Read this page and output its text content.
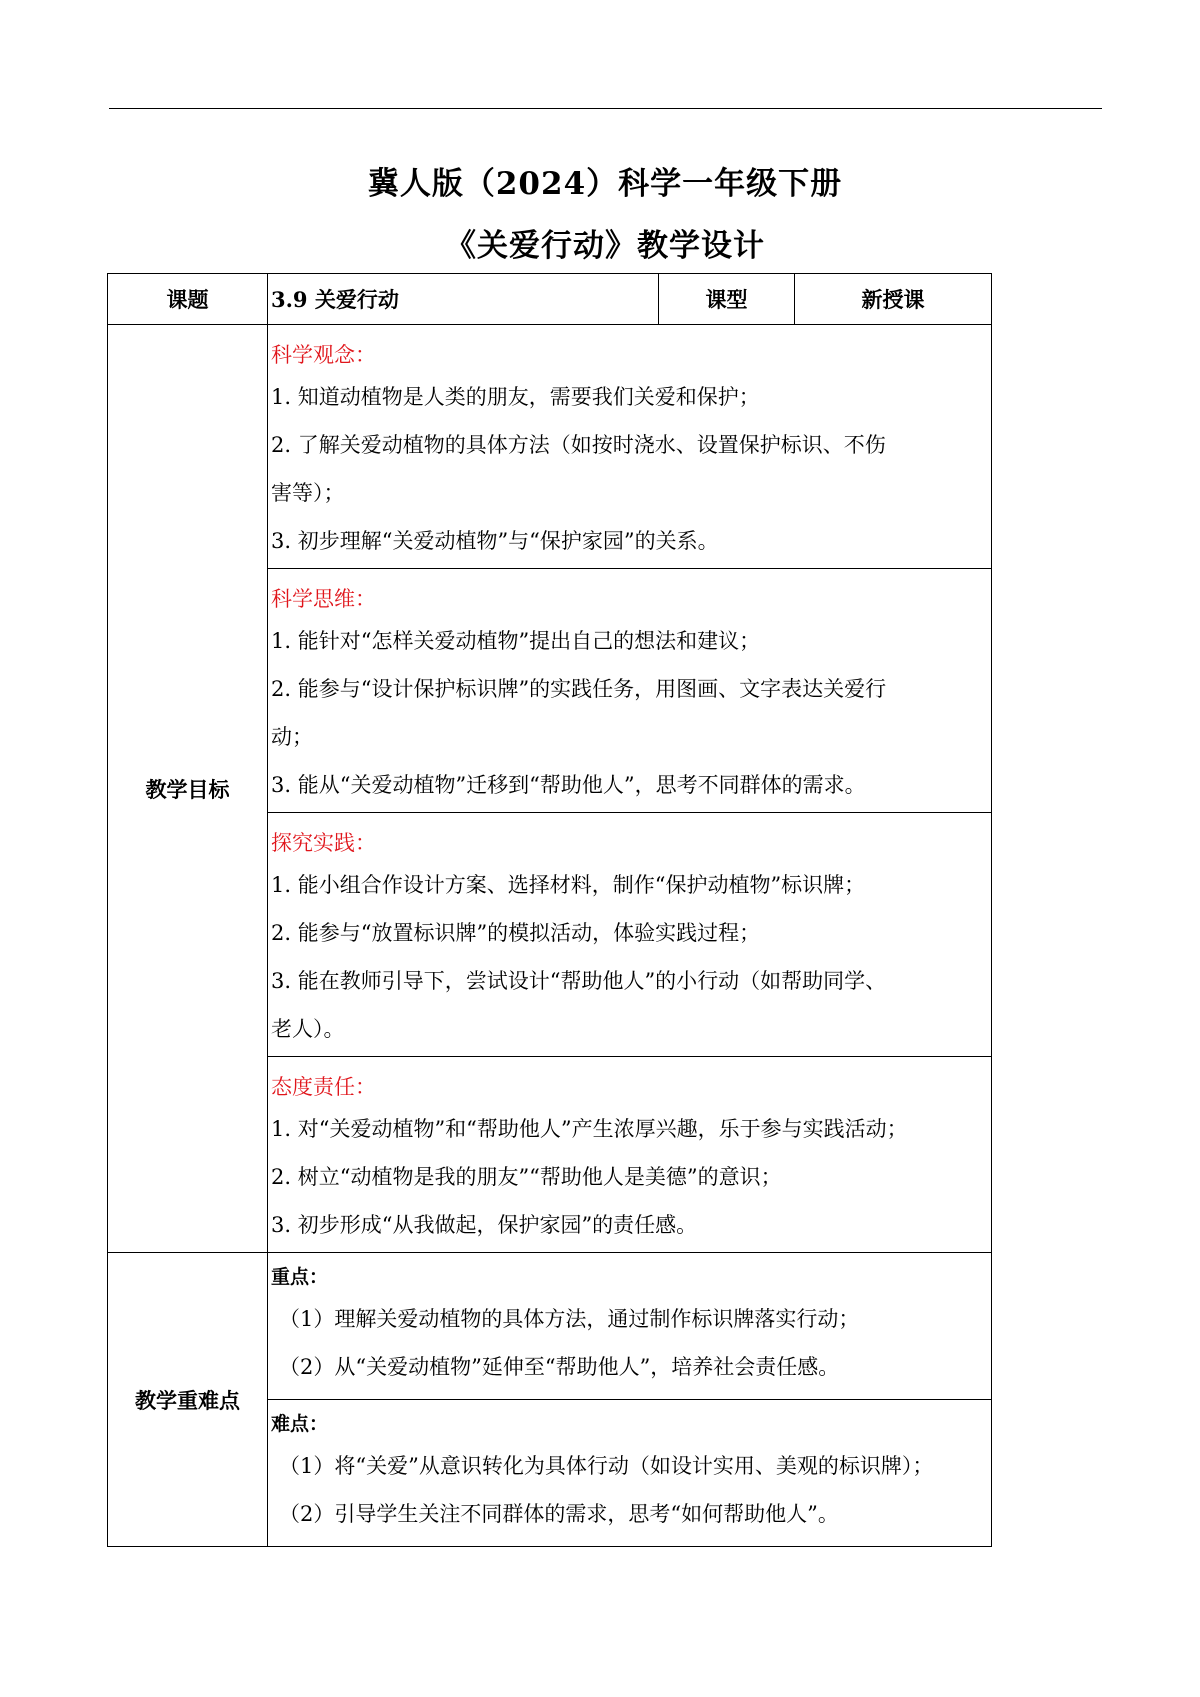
冀人版（2024）科学一年级下册
《关爱行动》教学设计
课题	3.9 关爱行动	课型	新授课
教学目标	科学观念：
1. 知道动植物是人类的朋友，需要我们关爱和保护；
2. 了解关爱动植物的具体方法（如按时浇水、设置保护标识、不伤
害等）；
3. 初步理解“关爱动植物”与“保护家园”的关系。		

	科学思维：
1. 能针对“怎样关爱动植物”提出自己的想法和建议；
2. 能参与“设计保护标识牌”的实践任务，用图画、文字表达关爱行
动；
3. 能从“关爱动植物”迁移到“帮助他人”，思考不同群体的需求。		

	探究实践：
1. 能小组合作设计方案、选择材料，制作“保护动植物”标识牌；
2. 能参与“放置标识牌”的模拟活动，体验实践过程；
3. 能在教师引导下，尝试设计“帮助他人”的小行动（如帮助同学、
老人）。		

	态度责任：
1. 对“关爱动植物”和“帮助他人”产生浓厚兴趣，乐于参与实践活动；
2. 树立“动植物是我的朋友”“帮助他人是美德”的意识；
3. 初步形成“从我做起，保护家园”的责任感。		

教学重难点	重点：
（1）理解关爱动植物的具体方法，通过制作标识牌落实行动；
（2）从“关爱动植物”延伸至“帮助他人”，培养社会责任感。		

	难点：
（1）将“关爱”从意识转化为具体行动（如设计实用、美观的标识牌）；
（2）引导学生关注不同群体的需求，思考“如何帮助他人”。		
